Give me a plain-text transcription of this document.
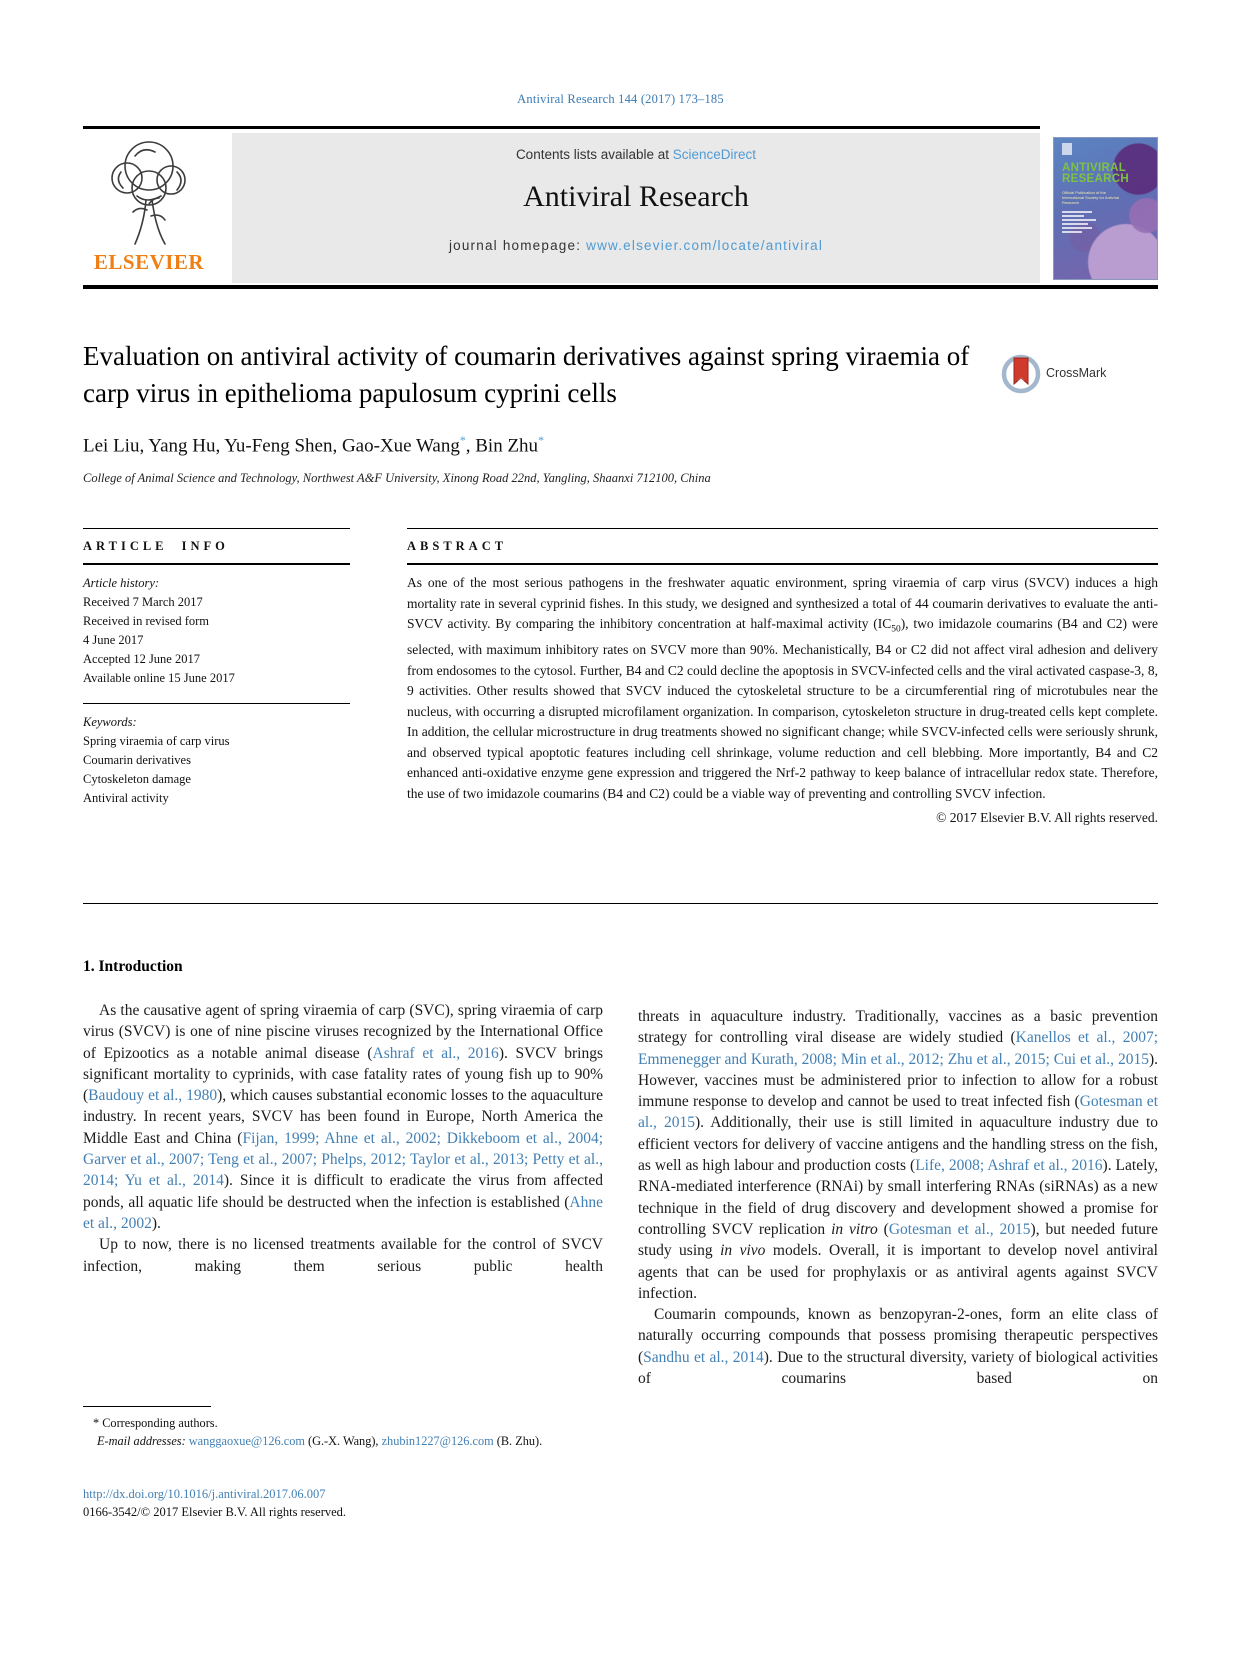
Antiviral Research 144 (2017) 173–185
ELSEVIER
Contents lists available at ScienceDirect
Antiviral Research
journal homepage: www.elsevier.com/locate/antiviral
ANTIVIRAL
RESEARCH
Official Publication of the International Society for Antiviral Research
Evaluation on antiviral activity of coumarin derivatives against spring viraemia of carp virus in epithelioma papulosum cyprini cells
CrossMark
Lei Liu, Yang Hu, Yu-Feng Shen, Gao-Xue Wang*, Bin Zhu*
College of Animal Science and Technology, Northwest A&F University, Xinong Road 22nd, Yangling, Shaanxi 712100, China
ARTICLE INFO
Article history:
Received 7 March 2017
Received in revised form
4 June 2017
Accepted 12 June 2017
Available online 15 June 2017
Keywords:
Spring viraemia of carp virus
Coumarin derivatives
Cytoskeleton damage
Antiviral activity
ABSTRACT

As one of the most serious pathogens in the freshwater aquatic environment, spring viraemia of carp virus (SVCV) induces a high mortality rate in several cyprinid fishes. In this study, we designed and synthesized a total of 44 coumarin derivatives to evaluate the anti-SVCV activity. By comparing the inhibitory concentration at half-maximal activity $(IC_{50})$, two imidazole coumarins (B4 and C2) were selected, with maximum inhibitory rates on SVCV more than 90%. Mechanistically, B4 or C2 did not affect viral adhesion and delivery from endosomes to the cytosol. Further, B4 and C2 could decline the apoptosis in SVCV-infected cells and the viral activated caspase-3, 8, 9 activities. Other results showed that SVCV induced the cytoskeletal structure to be a circumferential ring of microtubules near the nucleus, with occurring a disrupted microfilament organization. In comparison, cytoskeleton structure in drug-treated cells kept complete. In addition, the cellular microstructure in drug treatments showed no significant change; while SVCV-infected cells were seriously shrunk, and observed typical apoptotic features including cell shrinkage, volume reduction and cell blebbing. More importantly, B4 and C2 enhanced anti-oxidative enzyme gene expression and triggered the Nrf-2 pathway to keep balance of intracellular redox state. Therefore, the use of two imidazole coumarins (B4 and C2) could be a viable way of preventing and controlling SVCV infection.

© 2017 Elsevier B.V. All rights reserved.
1. Introduction

As the causative agent of spring viraemia of carp (SVC), spring viraemia of carp virus (SVCV) is one of nine piscine viruses recognized by the International Office of Epizootics as a notable animal disease (Ashraf et al., 2016). SVCV brings significant mortality to cyprinids, with case fatality rates of young fish up to 90% (Baudouy et al., 1980), which causes substantial economic losses to the aquaculture industry. In recent years, SVCV has been found in Europe, North America the Middle East and China (Fijan, 1999; Ahne et al., 2002; Dikkeboom et al., 2004; Garver et al., 2007; Teng et al., 2007; Phelps, 2012; Taylor et al., 2013; Petty et al., 2014; Yu et al., 2014). Since it is difficult to eradicate the virus from affected ponds, all aquatic life should be destructed when the infection is established (Ahne et al., 2002).

Up to now, there is no licensed treatments available for the control of SVCV infection, making them serious public health

threats in aquaculture industry. Traditionally, vaccines as a basic prevention strategy for controlling viral disease are widely studied (Kanellos et al., 2007; Emmenegger and Kurath, 2008; Min et al., 2012; Zhu et al., 2015; Cui et al., 2015). However, vaccines must be administered prior to infection to allow for a robust immune response to develop and cannot be used to treat infected fish (Gotesman et al., 2015). Additionally, their use is still limited in aquaculture industry due to efficient vectors for delivery of vaccine antigens and the handling stress on the fish, as well as high labour and production costs (Life, 2008; Ashraf et al., 2016). Lately, RNA-mediated interference (RNAi) by small interfering RNAs (siRNAs) as a new technique in the field of drug discovery and development showed a promise for controlling SVCV replication in vitro (Gotesman et al., 2015), but needed future study using in vivo models. Overall, it is important to develop novel antiviral agents that can be used for prophylaxis or as antiviral agents against SVCV infection.

Coumarin compounds, known as benzopyran-2-ones, form an elite class of naturally occurring compounds that possess promising therapeutic perspectives (Sandhu et al., 2014). Due to the structural diversity, variety of biological activities of coumarins based on

* Corresponding authors.

E-mail addresses: wanggaoxue@126.com (G.-X. Wang), zhubin1227@126.com (B. Zhu).

http://dx.doi.org/10.1016/j.antiviral.2017.06.007
0166-3542/© 2017 Elsevier B.V. All rights reserved.
